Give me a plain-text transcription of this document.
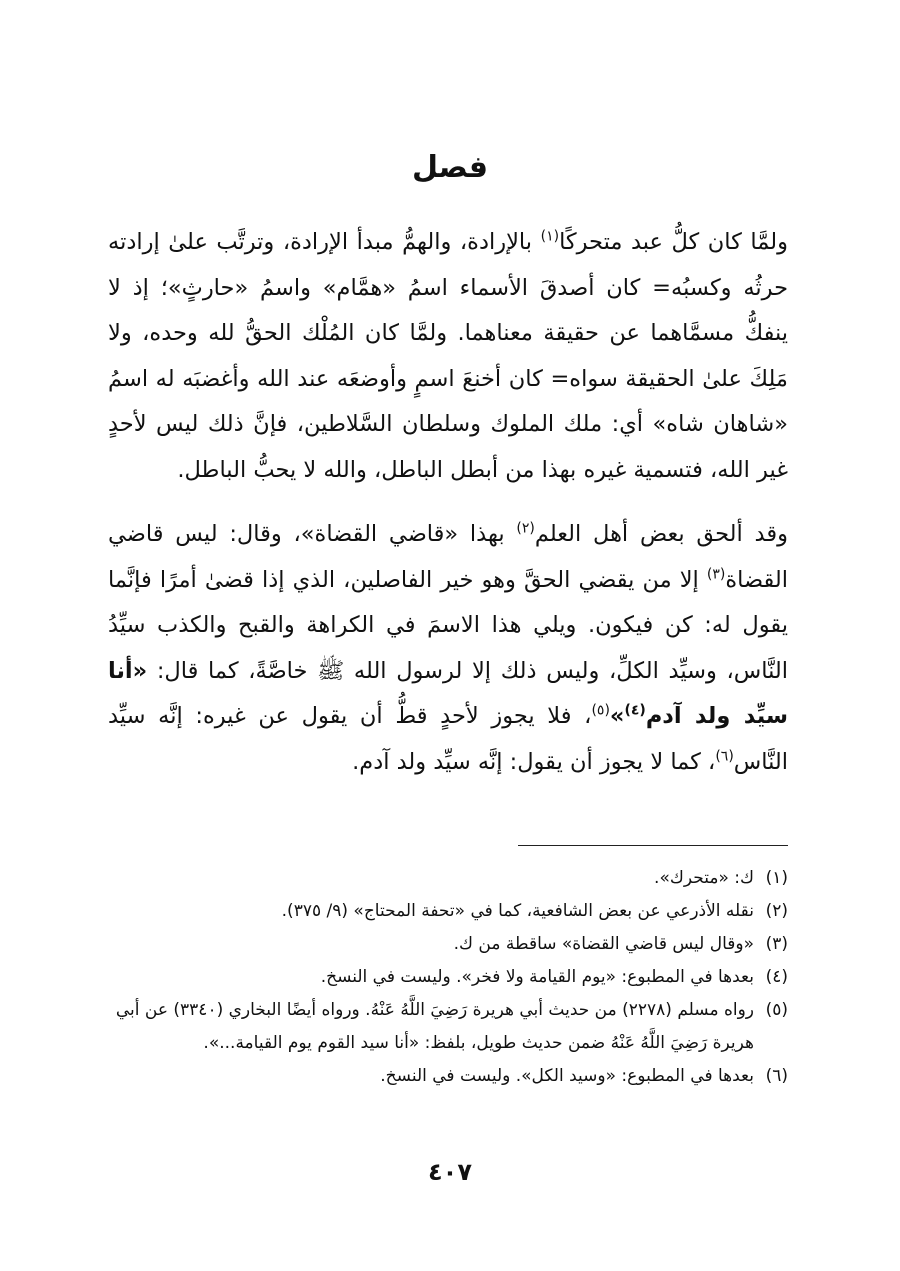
فصل

ولمَّا كان كلُّ عبد متحركًا$^{(١)}$ بالإرادة، والهمُّ مبدأ الإرادة، وترتَّب علىٰ إرادته حرثُه وكسبُه= كان أصدقَ الأسماء اسمُ «همَّام» واسمُ «حارثٍ»؛ إذ لا ينفكُّ مسمَّاهما عن حقيقة معناهما. ولمَّا كان المُلْك الحقُّ لله وحده، ولا مَلِكَ علىٰ الحقيقة سواه= كان أخنعَ اسمٍ وأوضعَه عند الله وأغضبَه له اسمُ «شاهان شاه» أي: ملك الملوك وسلطان السَّلاطين، فإنَّ ذلك ليس لأحدٍ غير الله، فتسمية غيره بهذا من أبطل الباطل، والله لا يحبُّ الباطل.

وقد ألحق بعض أهل العلم$^{(٢)}$ بهذا «قاضي القضاة»، وقال: ليس قاضي القضاة$^{(٣)}$ إلا من يقضي الحقَّ وهو خير الفاصلين، الذي إذا قضىٰ أمرًا فإنَّما يقول له: كن فيكون. ويلي هذا الاسمَ في الكراهة والقبح والكذب سيِّدُ النَّاس، وسيِّد الكلِّ، وليس ذلك إلا لرسول الله ﷺ خاصَّةً، كما قال: «أنا سيِّد ولد آدم$^{(٤)}$»$^{(٥)}$، فلا يجوز لأحدٍ قطُّ أن يقول عن غيره: إنَّه سيِّد النَّاس$^{(٦)}$، كما لا يجوز أن يقول: إنَّه سيِّد ولد آدم.

(١)
ك: «متحرك».
(٢)
نقله الأذرعي عن بعض الشافعية، كما في «تحفة المحتاج» (٩/ ٣٧٥).
(٣)
«وقال ليس قاضي القضاة» ساقطة من ك.
(٤)
بعدها في المطبوع: «يوم القيامة ولا فخر». وليست في النسخ.
(٥)
رواه مسلم (٢٢٧٨) من حديث أبي هريرة رَضِيَ اللَّهُ عَنْهُ. ورواه أيضًا البخاري (٣٣٤٠) عن أبي هريرة رَضِيَ اللَّهُ عَنْهُ ضمن حديث طويل، بلفظ: «أنا سيد القوم يوم القيامة...».
(٦)
بعدها في المطبوع: «وسيد الكل». وليست في النسخ.
٤٠٧
